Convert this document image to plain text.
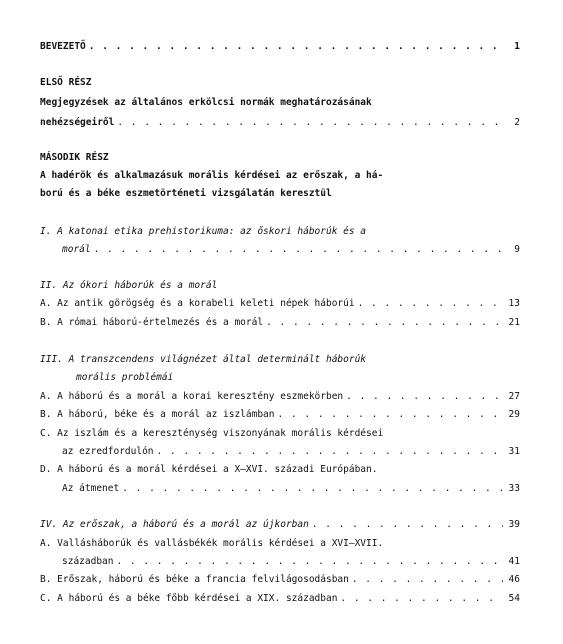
BEVEZETŐ . . .	1
ELSŐ RÉSZ
Megjegyzések az általános erkölcsi normák meghatározásának
nehézségeiről . . .	2
MÁSODIK RÉSZ
A hadérök és alkalmazásuk morális kérdései az erőszak, a há-
ború és a béke eszmetörténeti vizsgálatán keresztül
I. A katonai etika prehistorikuma: az őskori háborúk és a
morál . . .	9
II. Az ókori háborúk és a morál
A. Az antik görögség és a korabeli keleti népek háborúi . . .	13
B. A római háború-értelmezés és a morál . . .	21
III. A transzcendens világnézet által determinált háborúk
morális problémái
A. A háború és a morál a korai keresztény eszmekörben . . .	27
B. A háború, béke és a morál az iszlámban . . .	29
C. Az iszlám és a kereszténység viszonyának morális kérdései
az ezredfordulón . . .	31
D. A háború és a morál kérdései a X–XVI. századi Európában.
Az átmenet . . .	33
IV. Az erőszak, a háború és a morál az újkorban . . .	39
A. Vallásháborúk és vallásbékék morális kérdései a XVI–XVII.
században . . .	41
B. Erőszak, háború és béke a francia felvilágosodásban . . .	46
C. A háború és a béke főbb kérdései a XIX. században . . .	54
